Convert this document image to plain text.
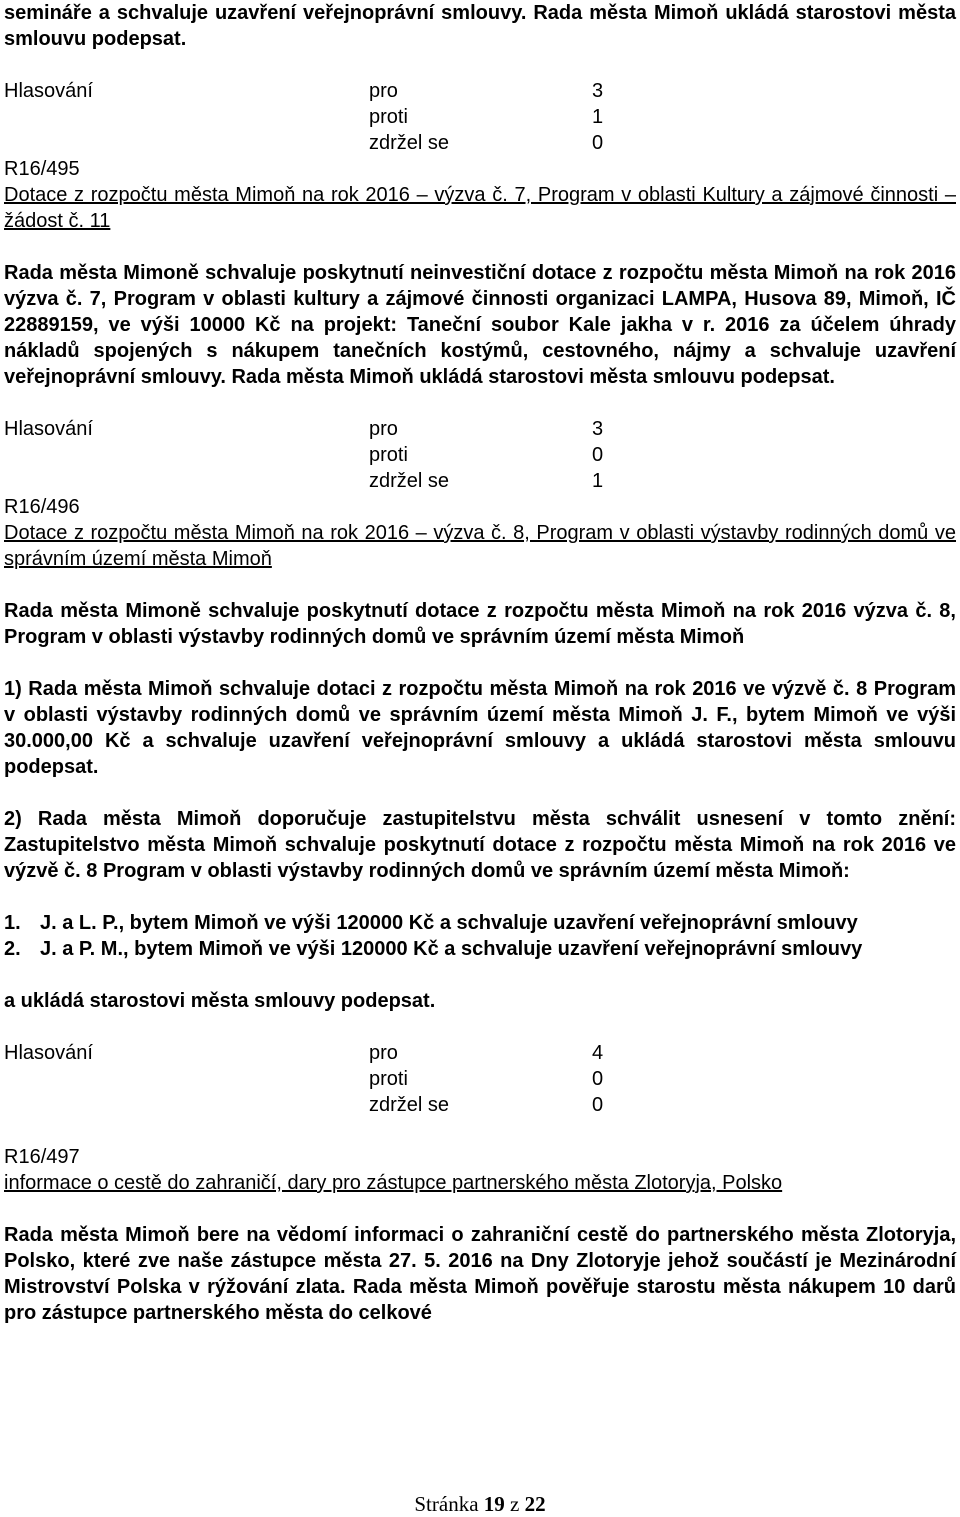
semináře a schvaluje uzavření veřejnoprávní smlouvy. Rada města Mimoň ukládá starostovi města smlouvu podepsat.

Hlasování	pro	3
proti	1
zdržel se	0
R16/495

Dotace z rozpočtu města Mimoň na rok 2016 – výzva č. 7, Program v oblasti Kultury a zájmové činnosti – žádost č. 11

Rada města Mimoně schvaluje poskytnutí neinvestiční dotace z rozpočtu města Mimoň na rok 2016 výzva č. 7, Program v oblasti kultury a zájmové činnosti organizaci LAMPA, Husova 89, Mimoň, IČ 22889159, ve výši 10000 Kč na projekt: Taneční soubor Kale jakha v r. 2016 za účelem úhrady nákladů spojených s nákupem tanečních kostýmů, cestovného, nájmy a schvaluje uzavření veřejnoprávní smlouvy. Rada města Mimoň ukládá starostovi města smlouvu podepsat.

Hlasování	pro	3
proti	0
zdržel se	1
R16/496

Dotace z rozpočtu města Mimoň na rok 2016 – výzva č. 8, Program v oblasti výstavby rodinných domů ve správním území města Mimoň

Rada města Mimoně schvaluje poskytnutí dotace z rozpočtu města Mimoň na rok 2016 výzva č. 8, Program v oblasti výstavby rodinných domů ve správním území města Mimoň

1) Rada města Mimoň schvaluje dotaci z rozpočtu města Mimoň na rok 2016 ve výzvě č. 8 Program v oblasti výstavby rodinných domů ve správním území města Mimoň J. F., bytem Mimoň ve výši 30.000,00 Kč a schvaluje uzavření veřejnoprávní smlouvy a ukládá starostovi města smlouvu podepsat.

2) Rada města Mimoň doporučuje zastupitelstvu města schválit usnesení v tomto znění: Zastupitelstvo města Mimoň schvaluje poskytnutí dotace z rozpočtu města Mimoň na rok 2016 ve výzvě č. 8 Program v oblasti výstavby rodinných domů ve správním území města Mimoň:

1. J. a L. P., bytem Mimoň ve výši 120000 Kč a schvaluje uzavření veřejnoprávní smlouvy
2. J. a P. M., bytem Mimoň ve výši 120000 Kč a schvaluje uzavření veřejnoprávní smlouvy

a ukládá starostovi města smlouvy podepsat.

Hlasování	pro	4
proti	0
zdržel se	0
R16/497

informace o cestě do zahraničí, dary pro zástupce partnerského města Zlotoryja, Polsko

Rada města Mimoň bere na vědomí informaci o zahraniční cestě do partnerského města Zlotoryja, Polsko, které zve naše zástupce města 27. 5. 2016 na Dny Zlotoryje jehož součástí je Mezinárodní Mistrovství Polska v rýžování zlata. Rada města Mimoň pověřuje starostu města nákupem 10 darů pro zástupce partnerského města do celkové

Stránka 19 z 22
